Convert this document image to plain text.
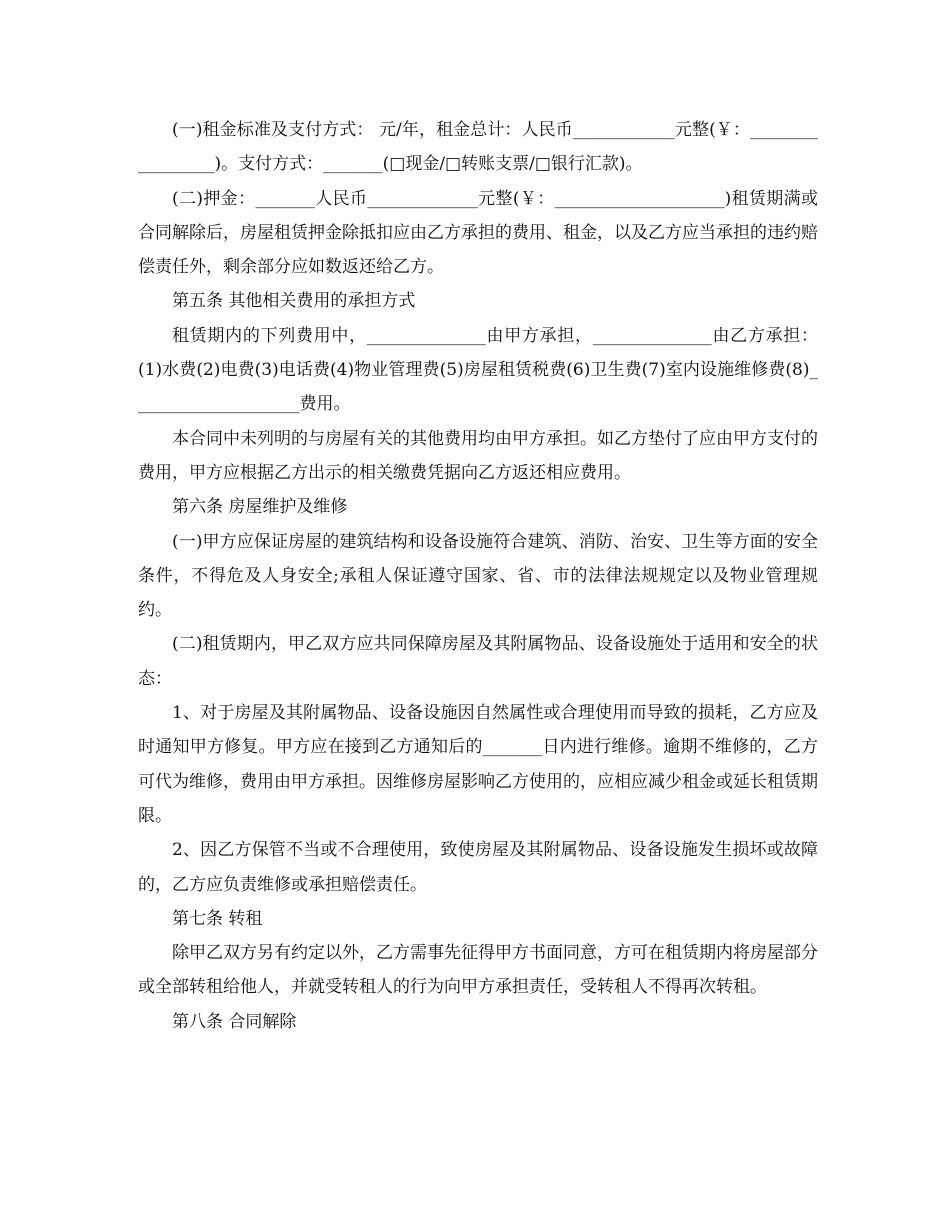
(一)租金标准及支付方式： 元/年，租金总计：人民币____________元整(￥：_________________)。支付方式：_______(□现金/□转账支票/□银行汇款)。

(二)押金：_______人民币_____________元整(￥：____________________)租赁期满或合同解除后，房屋租赁押金除抵扣应由乙方承担的费用、租金，以及乙方应当承担的违约赔偿责任外，剩余部分应如数返还给乙方。

第五条 其他相关费用的承担方式

租赁期内的下列费用中，______________由甲方承担，______________由乙方承担：(1)水费(2)电费(3)电话费(4)物业管理费(5)房屋租赁税费(6)卫生费(7)室内设施维修费(8)____________________费用。

本合同中未列明的与房屋有关的其他费用均由甲方承担。如乙方垫付了应由甲方支付的费用，甲方应根据乙方出示的相关缴费凭据向乙方返还相应费用。

第六条 房屋维护及维修

(一)甲方应保证房屋的建筑结构和设备设施符合建筑、消防、治安、卫生等方面的安全条件，不得危及人身安全;承租人保证遵守国家、省、市的法律法规规定以及物业管理规约。

(二)租赁期内，甲乙双方应共同保障房屋及其附属物品、设备设施处于适用和安全的状态：

1、对于房屋及其附属物品、设备设施因自然属性或合理使用而导致的损耗，乙方应及时通知甲方修复。甲方应在接到乙方通知后的_______日内进行维修。逾期不维修的，乙方可代为维修，费用由甲方承担。因维修房屋影响乙方使用的，应相应减少租金或延长租赁期限。

2、因乙方保管不当或不合理使用，致使房屋及其附属物品、设备设施发生损坏或故障的，乙方应负责维修或承担赔偿责任。

第七条 转租

除甲乙双方另有约定以外，乙方需事先征得甲方书面同意，方可在租赁期内将房屋部分或全部转租给他人，并就受转租人的行为向甲方承担责任，受转租人不得再次转租。

第八条 合同解除
